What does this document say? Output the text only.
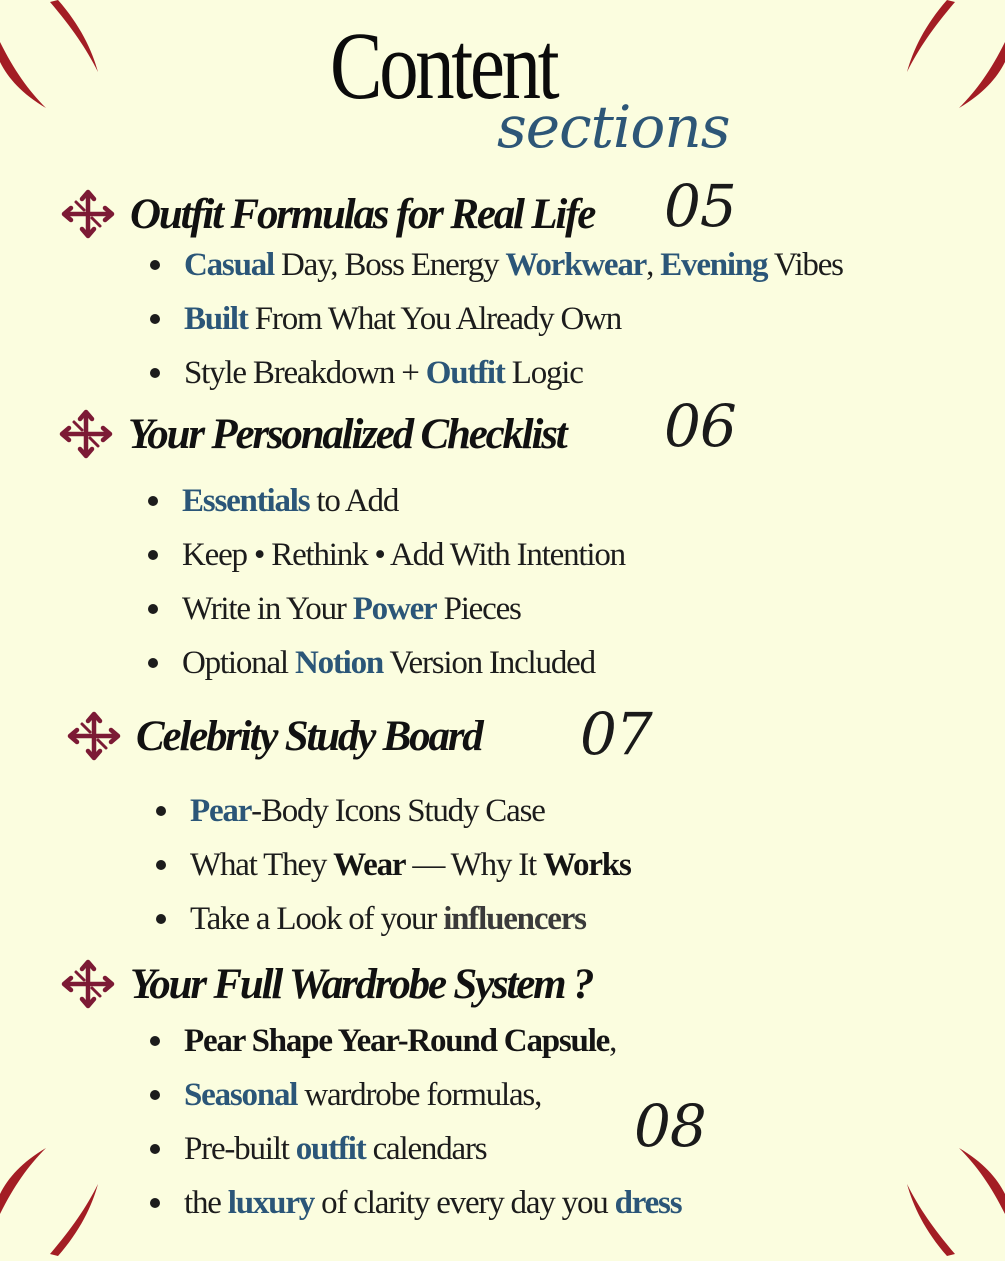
Content
sections
Outfit Formulas for Real Life 05
Casual Day, Boss Energy Workwear, Evening Vibes
Built From What You Already Own
Style Breakdown + Outfit Logic
Your Personalized Checklist 06
Essentials to Add
Keep • Rethink • Add With Intention
Write in Your Power Pieces
Optional Notion Version Included
Celebrity Study Board 07
Pear-Body Icons Study Case
What They Wear — Why It Works
Take a Look of your influencers
Your Full Wardrobe System ?
08
Pear Shape Year-Round Capsule,
Seasonal wardrobe formulas,
Pre-built outfit calendars
the luxury of clarity every day you dress
